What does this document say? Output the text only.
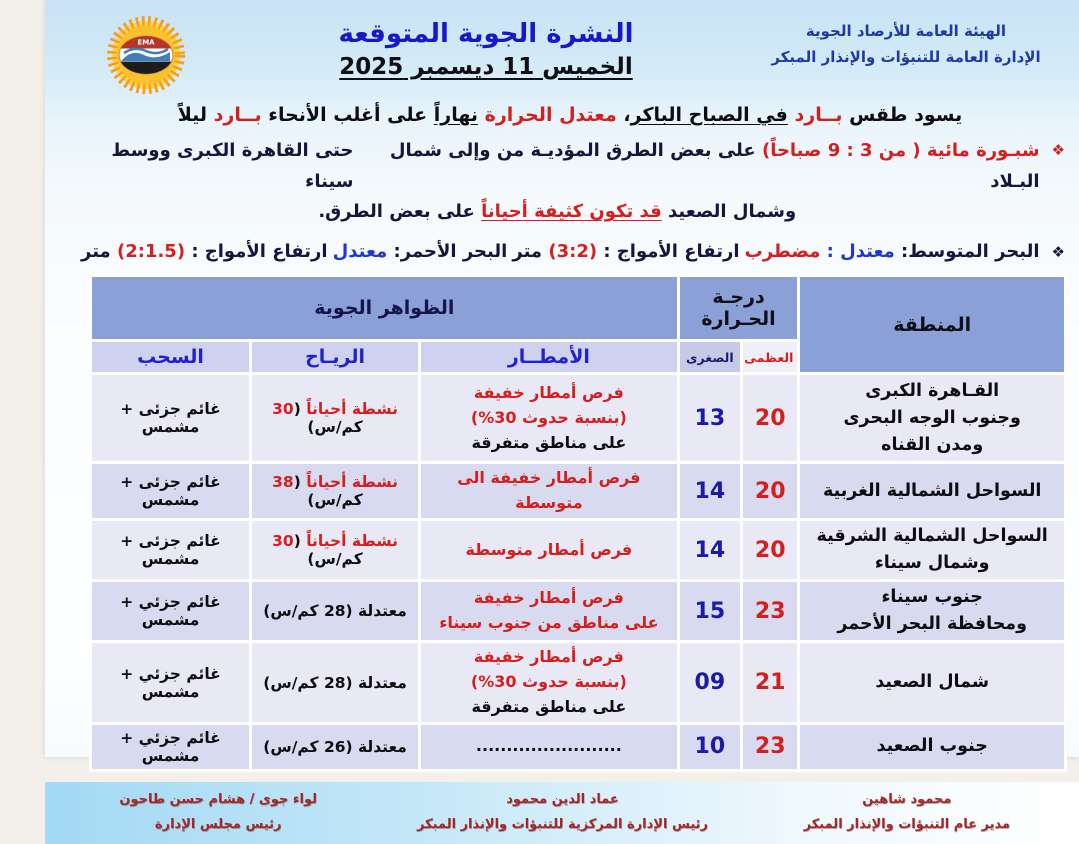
الهيئة العامة للأرصاد الجوية
الإدارة العامة للتنبؤات والإنذار المبكر
النشرة الجوية المتوقعة
الخميس 11 ديسمبر 2025
EMA
يسود طقس بــارد في الصباح الباكر، معتدل الحرارة نهاراً على أغلب الأنحاء بــارد ليلاً
❖
شبـورة مائية ( من 3 : 9 صباحاً) على بعض الطرق المؤديـة من وإلى شمال البـلاد
حتى القاهرة الكبرى ووسط سيناء
وشمال الصعيد قد تكون كثيفة أحياناً على بعض الطرق.
❖
البحر المتوسط: معتدل : مضطرب
ارتفاع الأمواج : (3:2) متر
البحر الأحمر: معتدل
ارتفاع الأمواج : (2:1.5) متر
المنطقة	درجـة
الحـرارة		الظواهر الجوية		
	العظمى	الصغرى	الأمطــار	الريـاح	السحب

القـاهرة الكبرى
وجنوب الوجه البحرى
ومدن القناه
	20	13	
فرص أمطار خفيفة
(بنسبة حدوث 30%)
على مناطق متفرقة
	نشطة أحياناً (30 كم/س)	غائم جزئى + مشمس

السواحل الشمالية الغربية	20	14	فرص أمطار خفيفة الى متوسطة	نشطة أحياناً (38 كم/س)	غائم جزئى + مشمس

السواحل الشمالية الشرقية
وشمال سيناء	20	14	فرص أمطار متوسطة	نشطة أحياناً (30 كم/س)	غائم جزئى + مشمس

جنوب سيناء
ومحافظة البحر الأحمر
	23	15	
فرص أمطار خفيفة
على مناطق من جنوب سيناء
	معتدلة (28 كم/س)	غائم جزئي + مشمس

شمال الصعيد	21	09	فرص أمطار خفيفة
(بنسبة حدوث 30%)
على مناطق متفرقة	معتدلة (28 كم/س)	غائم جزئي + مشمس

جنوب الصعيد	23	10	........................	معتدلة (26 كم/س)	غائم جزئي + مشمس
محمود شاهين
مدير عام التنبؤات والإنذار المبكر
عماد الدين محمود
رئيس الإدارة المركزية للتنبؤات والإنذار المبكر
لواء جوى / هشام حسن طاحون
رئيس مجلس الإدارة
